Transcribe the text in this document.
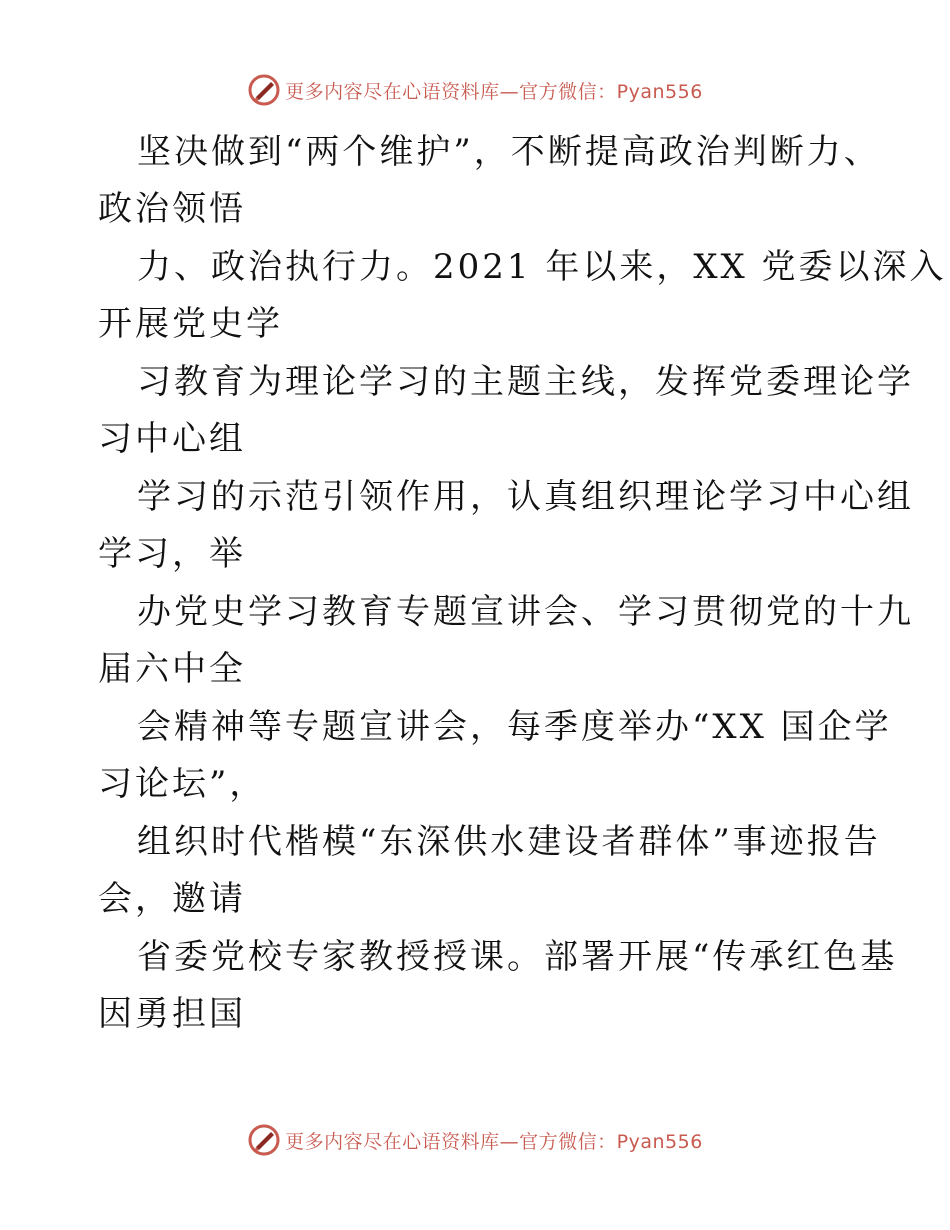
更多内容尽在心语资料库—官方微信：Pyan556
坚决做到“两个维护”，不断提高政治判断力、
政治领悟
力、政治执行力。2021 年以来，XX 党委以深入
开展党史学
习教育为理论学习的主题主线，发挥党委理论学
习中心组
学习的示范引领作用，认真组织理论学习中心组
学习，举
办党史学习教育专题宣讲会、学习贯彻党的十九
届六中全
会精神等专题宣讲会，每季度举办“XX 国企学
习论坛”，
组织时代楷模“东深供水建设者群体”事迹报告
会，邀请
省委党校专家教授授课。部署开展“传承红色基
因勇担国
更多内容尽在心语资料库—官方微信：Pyan556
